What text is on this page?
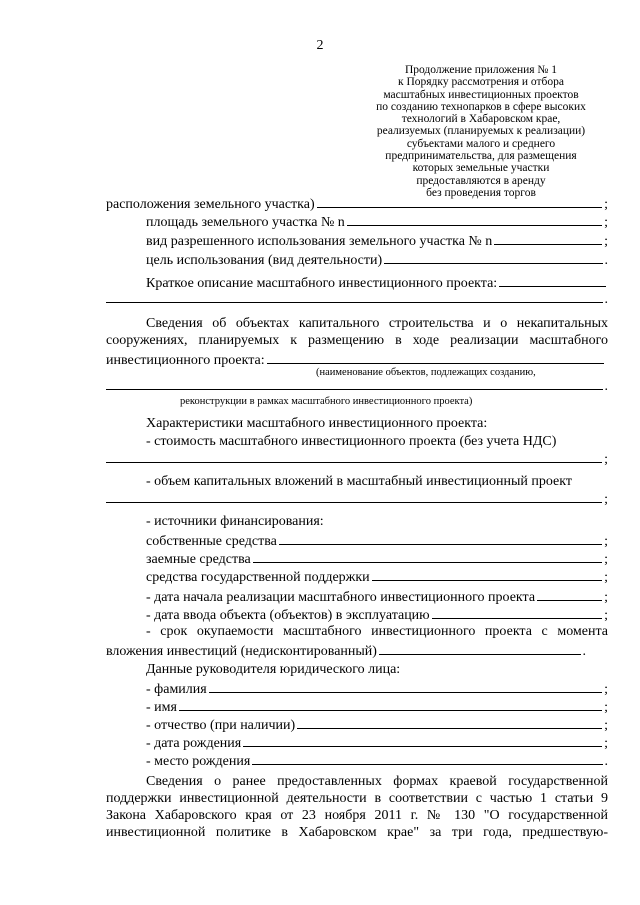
2
Продолжение приложения № 1
к Порядку рассмотрения и отбора
масштабных инвестиционных проектов
по созданию технопарков в сфере высоких
технологий в Хабаровском крае,
реализуемых (планируемых к реализации)
субъектами малого и среднего
предпринимательства, для размещения
которых земельные участки
предоставляются в аренду
без проведения торгов
расположения земельного участка)	;
площадь земельного участка № n	;
вид разрешенного использования земельного участка № n	;
цель использования (вид деятельности)	.
Краткое описание масштабного инвестиционного проекта:
.
Сведения об объектах капитального строительства и о некапитальных
сооружениях, планируемых к размещению в ходе реализации масштабного
инвестиционного проекта:
(наименование объектов, подлежащих созданию,
.
реконструкции в рамках масштабного инвестиционного проекта)
Характеристики масштабного инвестиционного проекта:
- стоимость масштабного инвестиционного проекта (без учета НДС)
;
- объем капитальных вложений в масштабный инвестиционный проект
;
- источники финансирования:
собственные средства	;
заемные средства	;
средства государственной поддержки	;
- дата начала реализации масштабного инвестиционного проекта	;
- дата ввода объекта (объектов) в эксплуатацию	;
- срок окупаемости масштабного инвестиционного проекта с момента
вложения инвестиций (недисконтированный)	.
Данные руководителя юридического лица:
- фамилия	;
- имя	;
- отчество (при наличии)	;
- дата рождения	;
- место рождения	.
Сведения о ранее предоставленных формах краевой государственной
поддержки инвестиционной деятельности в соответствии с частью 1 статьи 9
Закона Хабаровского края от 23 ноября 2011 г. № 130 "О государственной
инвестиционной политике в Хабаровском крае" за три года, предшествую-
